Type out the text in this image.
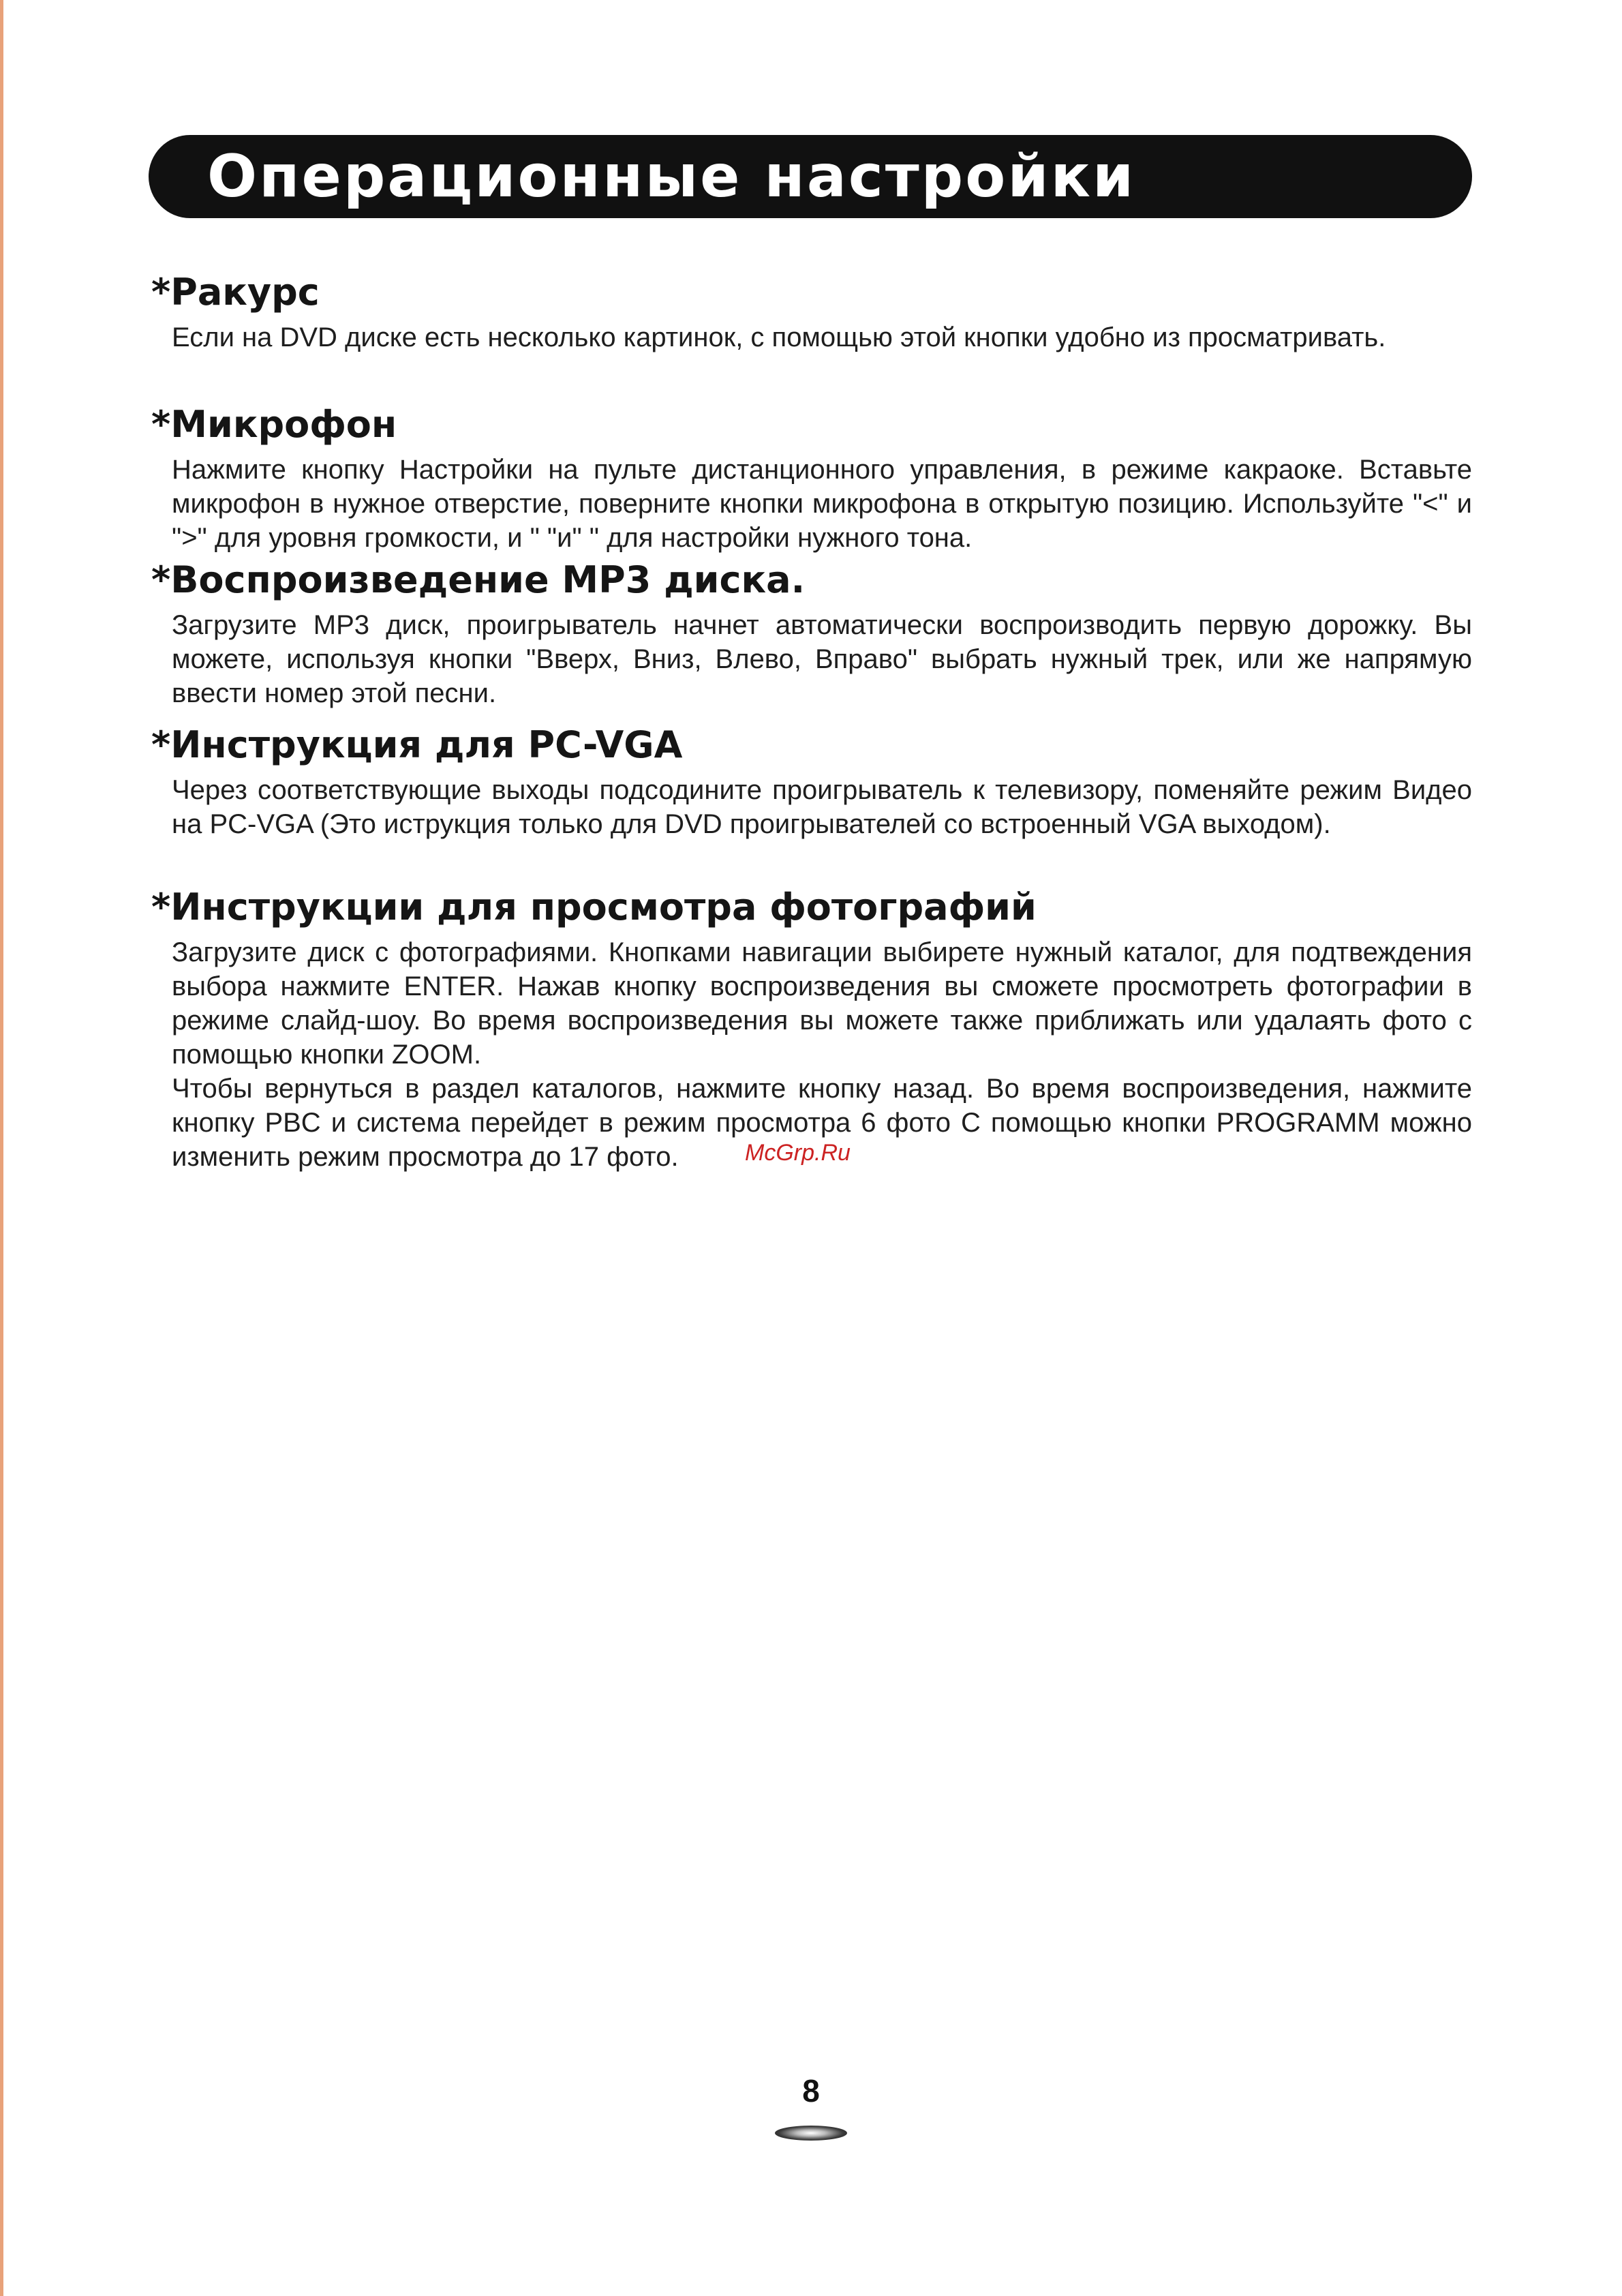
Операционные настройки
*Ракурс

Если на DVD диске есть несколько картинок, с помощью этой кнопки удобно из просматривать.

*Микрофон

Нажмите кнопку Настройки на пульте дистанционного управления, в режиме какраоке. Вставьте микрофон в нужное отверстие, поверните кнопки микрофона в открытую позицию. Используйте "<" и ">" для уровня громкости, и " "и" " для настройки нужного тона.

*Воспроизведение MP3 диска.

Загрузите MP3 диск, проигрыватель начнет автоматически воспроизводить первую дорожку. Вы можете, используя кнопки "Вверх, Вниз, Влево, Вправо" выбрать нужный трек, или же напрямую ввести номер этой песни.

*Инструкция для PC-VGA

Через соответствующие выходы подсодините проигрыватель к телевизору, поменяйте режим Видео на PC-VGA (Это иструкция только для DVD проигрывателей со встроенный VGA выходом).

*Инструкции для просмотра фотографий

Загрузите диск с фотографиями. Кнопками навигации выбирете нужный каталог, для подтвеждения выбора нажмите ENTER. Нажав кнопку воспроизведения вы сможете просмотреть фотографии в режиме слайд-шоу. Во время воспроизведения вы можете также приближать или удалаять фото с помощью кнопки ZOOM.

Чтобы вернуться в раздел каталогов, нажмите кнопку назад. Во время воспроизведения, нажмите кнопку PBC и система перейдет в режим просмотра 6 фото С помощью кнопки PROGRAMM можно изменить режим просмотра до 17 фото.	McGrp.Ru
8
